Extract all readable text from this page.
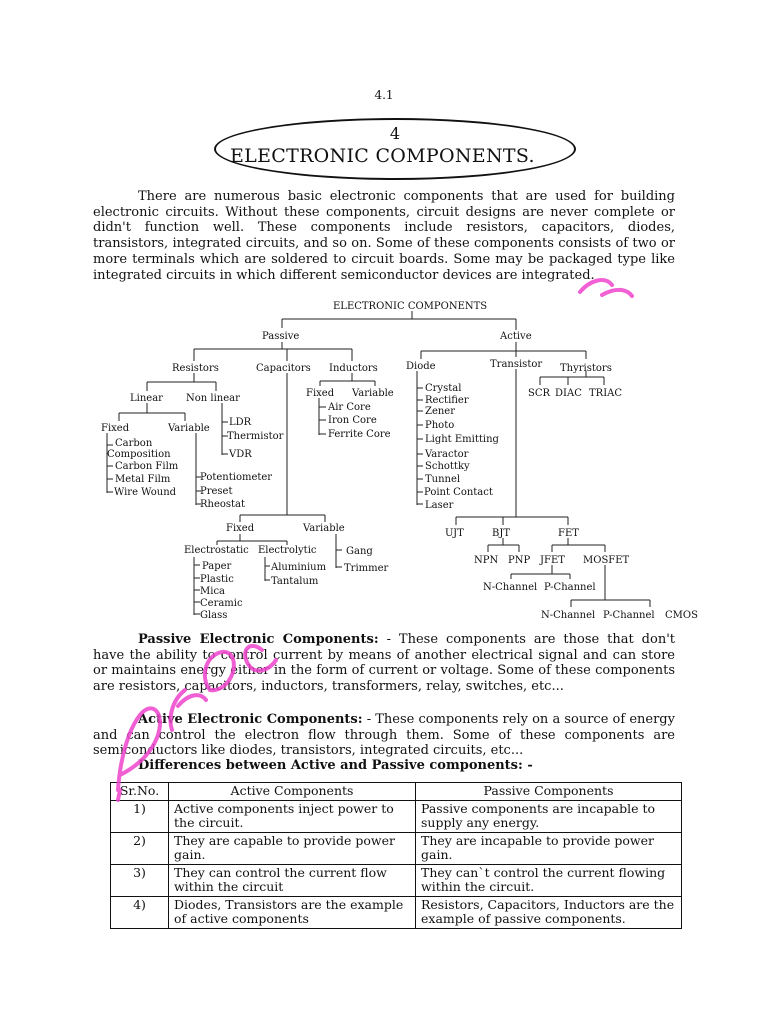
4.1
4
ELECTRONIC COMPONENTS.

There are numerous basic electronic components that are used for building electronic circuits. Without these components, circuit designs are never complete or didn't function well. These components include resistors, capacitors, diodes, transistors, integrated circuits, and so on. Some of these components consists of two or more terminals which are soldered to circuit boards. Some may be packaged type like integrated circuits in which different semiconductor devices are integrated.

ELECTRONIC COMPONENTS
Passive	Active
Resistors	Capacitors Inductors
Linear Non linear
Fixed	Variable
Carbon
Composition
Carbon Film
Metal Film
Wire Wound
Potentiometer
Preset
Rheostat
LDR
Thermistor
VDR
Fixed Variable
Air Core
Iron Core
Ferrite Core
Fixed	Variable
Electrostatic Electrolytic
Paper
Plastic
Mica
Ceramic
Glass
Aluminium
Tantalum
Gang
Trimmer
Diode	Transistor Thyristors
Crystal
Rectifier
Zener
Photo
Light Emitting
Varactor
Schottky
Tunnel
Point Contact
Laser
SCR DIAC TRIAC
UJT	BJT	FET
NPN PNP JFET MOSFET
N-Channel P-Channel
N-Channel P-Channel CMOS

Passive Electronic Components: - These components are those that don't have the ability to control current by means of another electrical signal and can store or maintains energy either in the form of current or voltage. Some of these components are resistors, capacitors, inductors, transformers, relay, switches, etc...

Active Electronic Components: - These components rely on a source of energy and can control the electron flow through them. Some of these components are semiconductors like diodes, transistors, integrated circuits, etc...

Differences between Active and Passive components: -

Sr.No.	Active Components	Passive Components
1)	Active components inject power to the circuit.	Passive components are incapable to supply any energy.
2)	They are capable to provide power gain.	They are incapable to provide power gain.
3)	They can control the current flow within the circuit	They can`t control the current flowing within the circuit.
4)	Diodes, Transistors are the example of active components	Resistors, Capacitors, Inductors are the example of passive components.
